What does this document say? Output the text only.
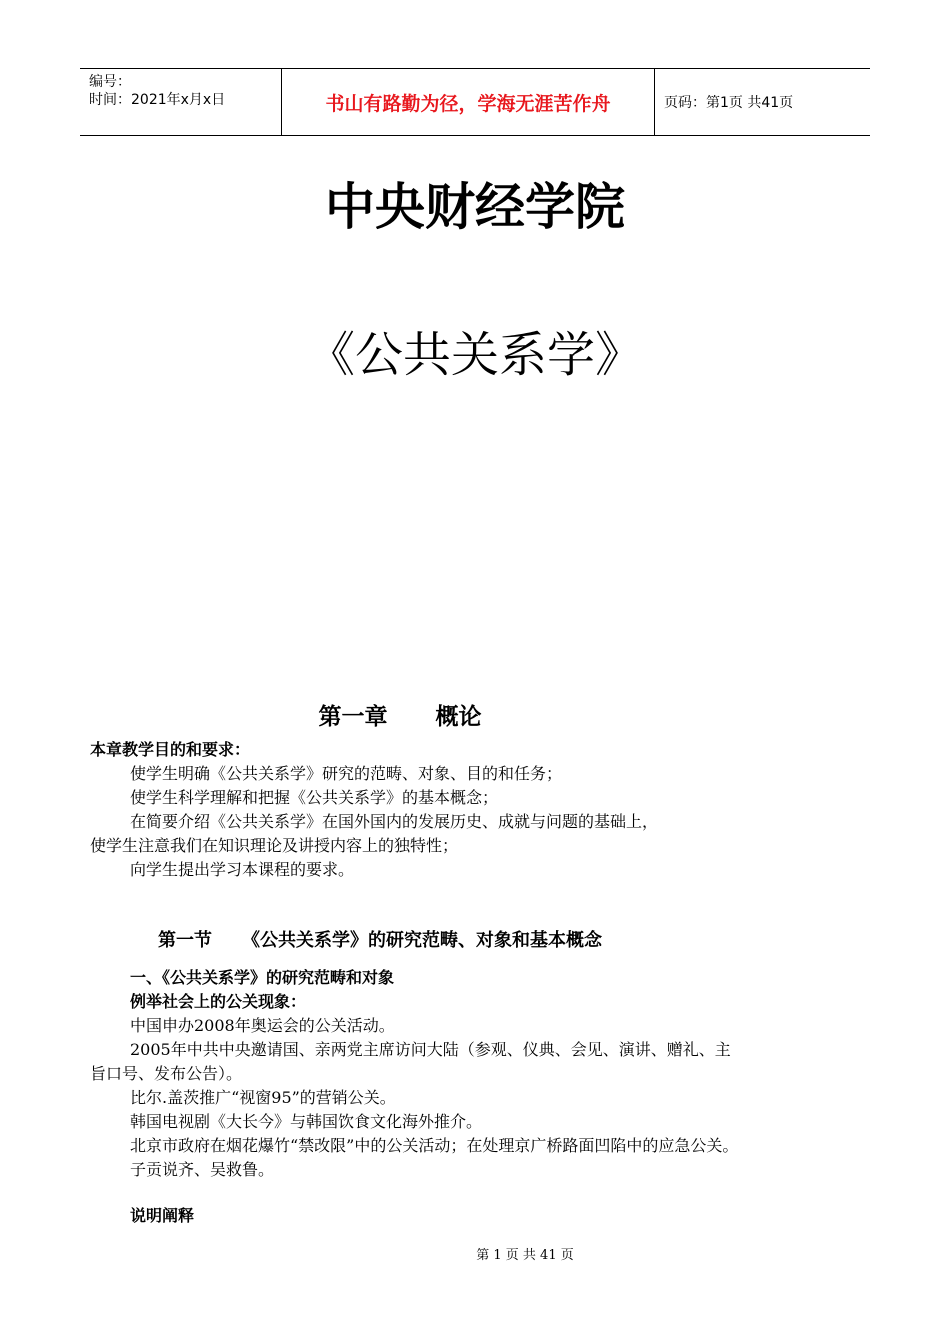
编号：
时间：2021年x月x日	书山有路勤为径，学海无涯苦作舟	页码：第1页 共41页
中央财经学院
《公共关系学》
第一章 概论
本章教学目的和要求：
使学生明确《公共关系学》研究的范畴、对象、目的和任务；
使学生科学理解和把握《公共关系学》的基本概念；
在简要介绍《公共关系学》在国外国内的发展历史、成就与问题的基础上，
使学生注意我们在知识理论及讲授内容上的独特性；
向学生提出学习本课程的要求。
第一节 《公共关系学》的研究范畴、对象和基本概念
一、《公共关系学》的研究范畴和对象
例举社会上的公关现象：
中国申办2008年奥运会的公关活动。
2005年中共中央邀请国、亲两党主席访问大陆（参观、仪典、会见、演讲、赠礼、主
旨口号、发布公告）。
比尔.盖茨推广“视窗95”的营销公关。
韩国电视剧《大长今》与韩国饮食文化海外推介。
北京市政府在烟花爆竹“禁改限”中的公关活动；在处理京广桥路面凹陷中的应急公关。
子贡说齐、吴救鲁。
说明阐释
第 1 页 共 41 页
